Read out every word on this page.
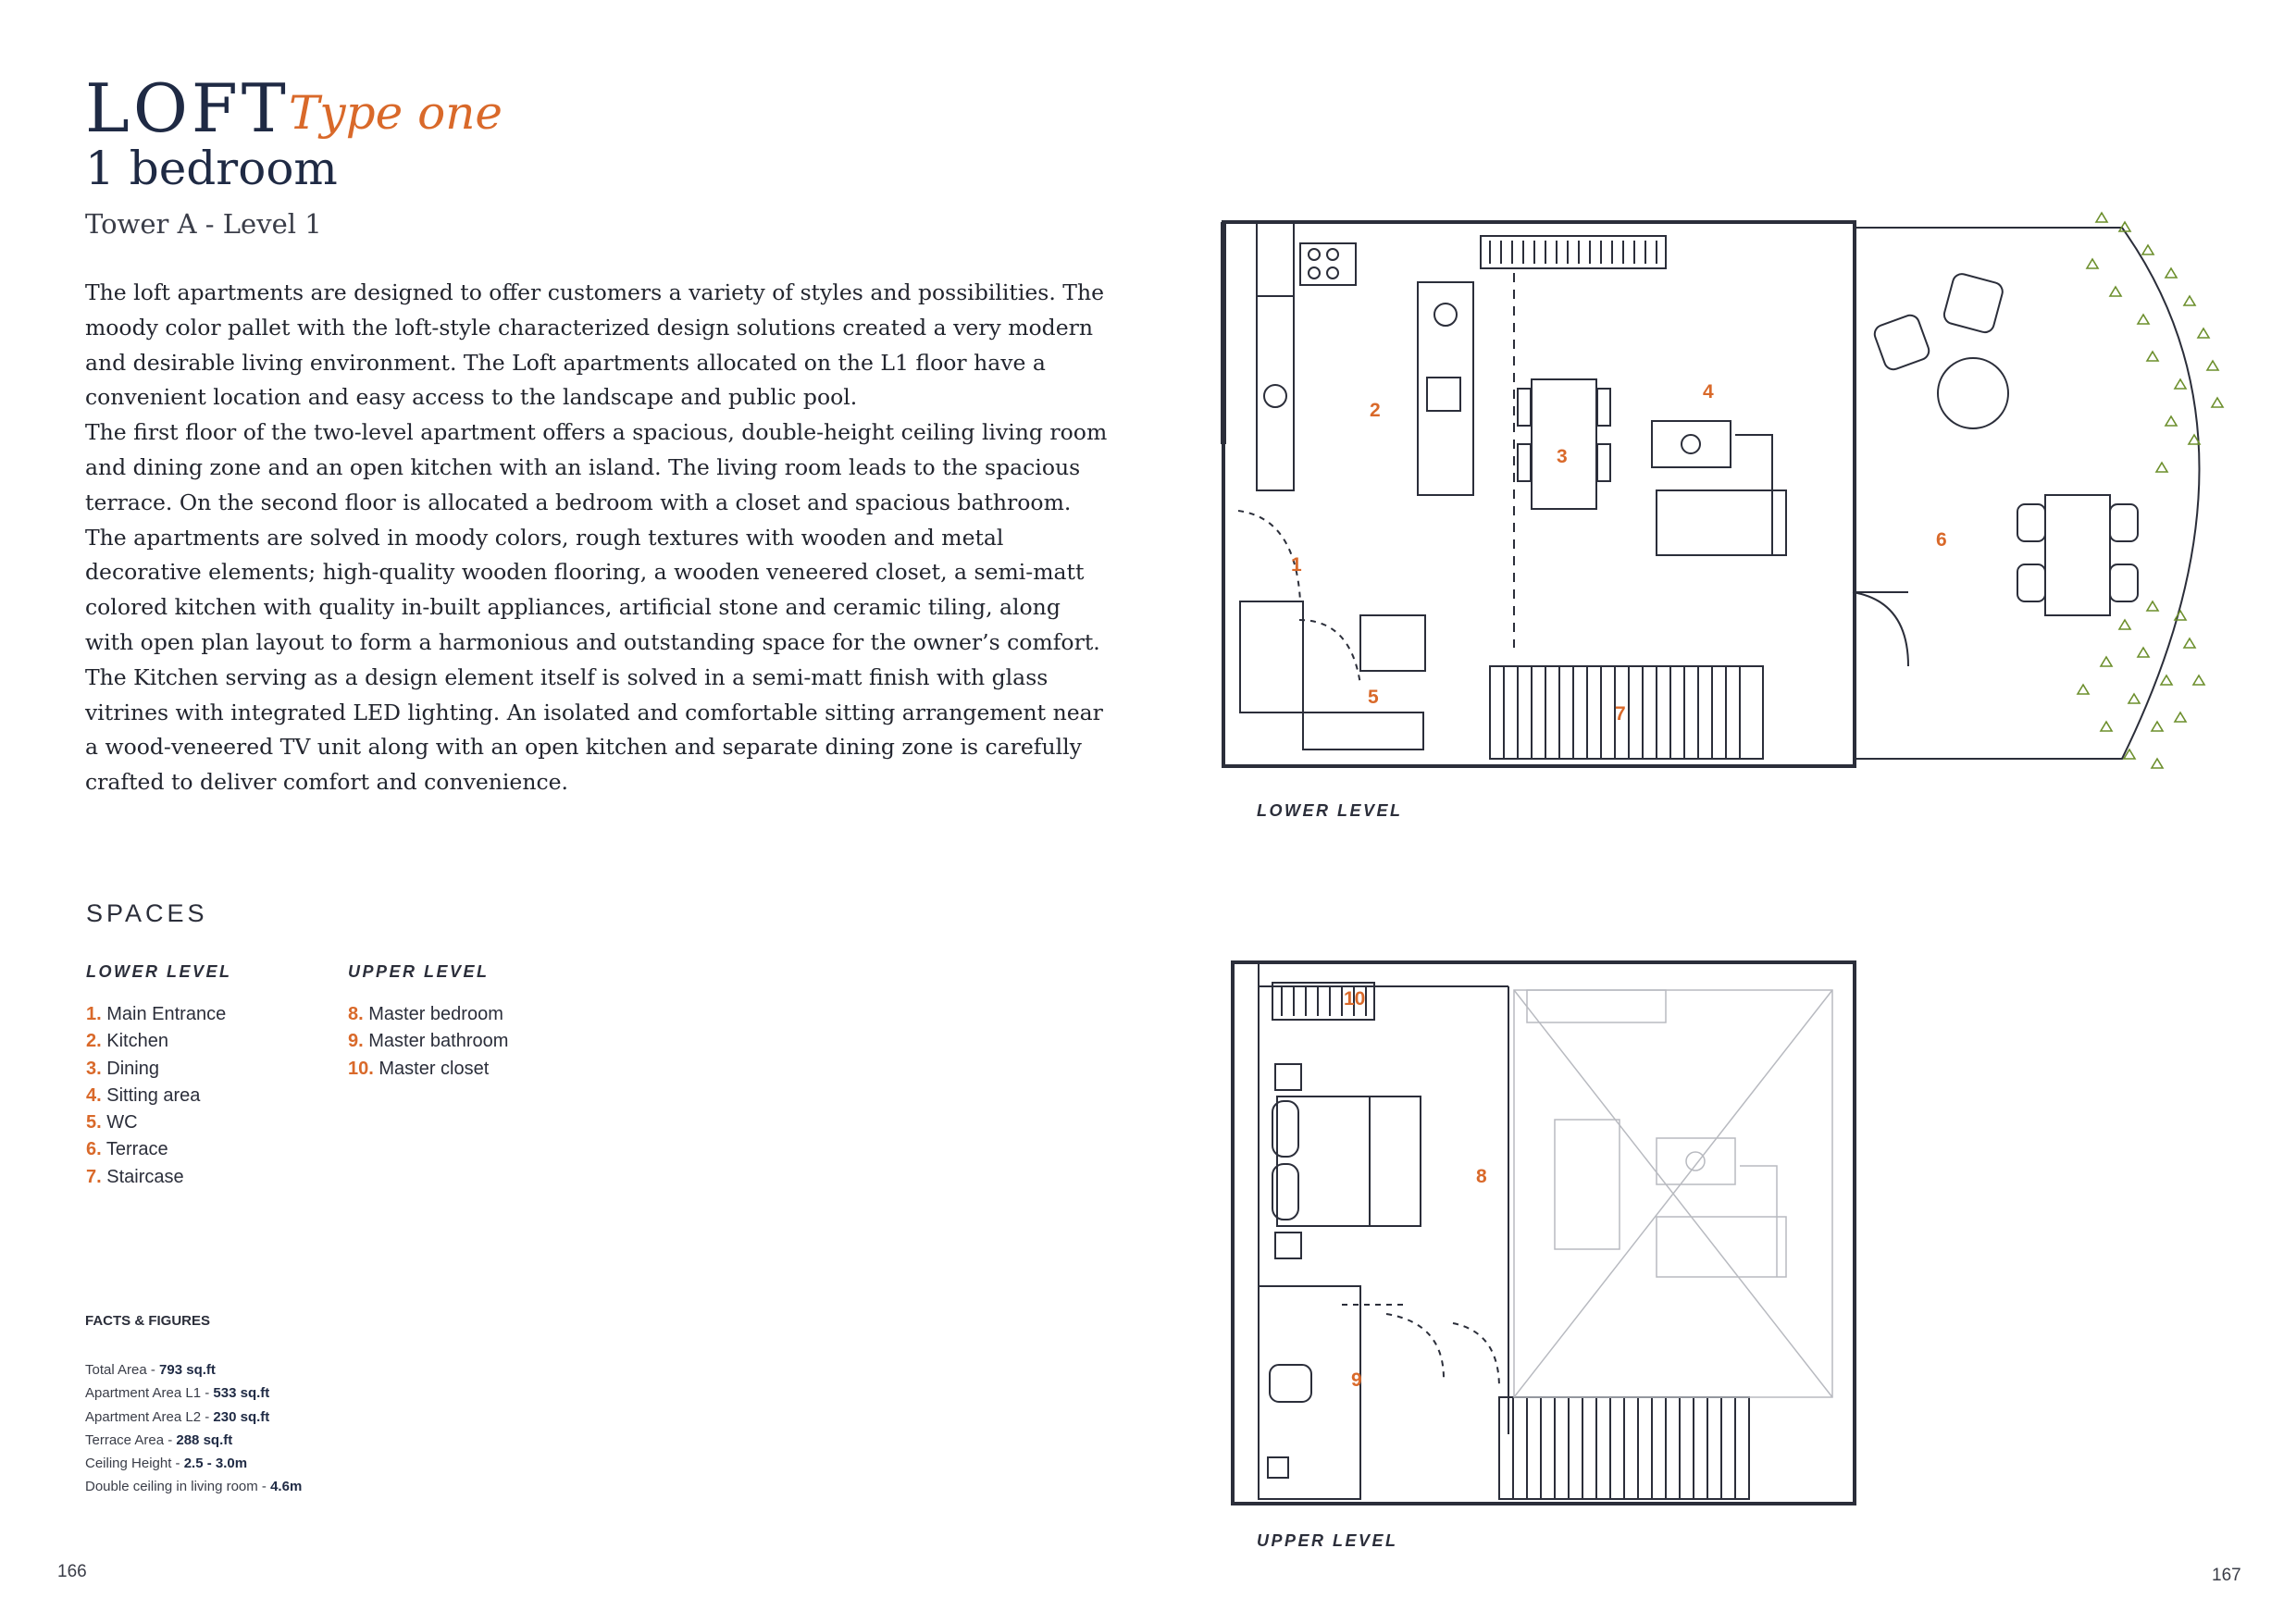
LOFT Type one
1 bedroom
Tower A - Level 1

The loft apartments are designed to offer customers a variety of styles and possibilities. The moody color pallet with the loft-style characterized design solutions created a very modern and desirable living environment. The Loft apartments allocated on the L1 floor have a convenient location and easy access to the landscape and public pool.

The first floor of the two-level apartment offers a spacious, double-height ceiling living room and dining zone and an open kitchen with an island. The living room leads to the spacious terrace. On the second floor is allocated a bedroom with a closet and spacious bathroom.

The apartments are solved in moody colors, rough textures with wooden and metal decorative elements; high-quality wooden flooring, a wooden veneered closet, a semi-matt colored kitchen with quality in-built appliances, artificial stone and ceramic tiling, along with open plan layout to form a harmonious and outstanding space for the owner’s comfort. The Kitchen serving as a design element itself is solved in a semi-matt finish with glass vitrines with integrated LED lighting. An isolated and comfortable sitting arrangement near a wood-veneered TV unit along with an open kitchen and separate dining zone is carefully crafted to deliver comfort and convenience.

SPACES
LOWER LEVEL
1. Main Entrance
2. Kitchen
3. Dining
4. Sitting area
5. WC
6. Terrace
7. Staircase
UPPER LEVEL
8. Master bedroom
9. Master bathroom
10. Master closet
FACTS & FIGURES
Total Area - 793 sq.ft
Apartment Area L1 - 533 sq.ft
Apartment Area L2 - 230 sq.ft
Terrace Area - 288 sq.ft
Ceiling Height - 2.5 - 3.0m
Double ceiling in living room - 4.6m
166	167
1
2
3
4
5
6
7
LOWER LEVEL
8
9
10
UPPER LEVEL
